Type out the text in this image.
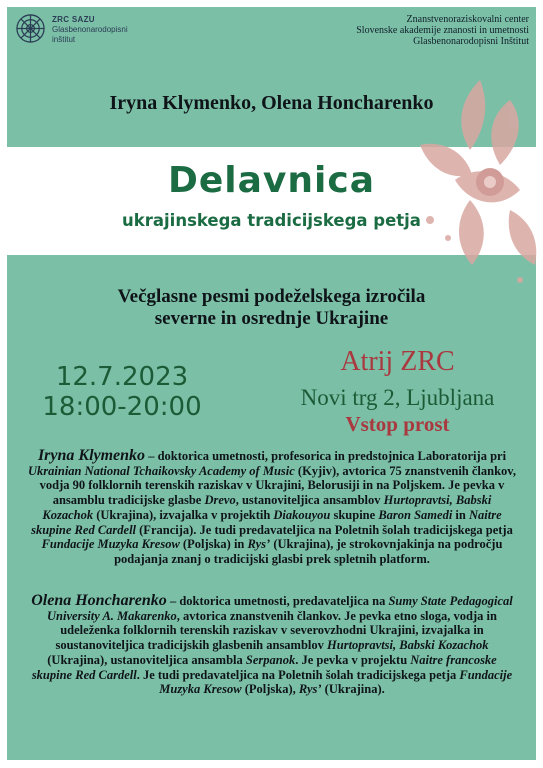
ZRC SAZU
Glasbenonarodopisni
inštitut
Znanstvenoraziskovalni center
Slovenske akademije znanosti in umetnosti
Glasbenonarodopisni Inštitut
Iryna Klymenko, Olena Honcharenko
Delavnica
ukrajinskega tradicijskega petja
Večglasne pesmi podeželskega izročila
severne in osrednje Ukrajine
12.7.2023
18:00-20:00
Atrij ZRC
Novi trg 2, Ljubljana
Vstop prost
Iryna Klymenko – doktorica umetnosti, profesorica in predstojnica Laboratorija pri Ukrainian National Tchaikovsky Academy of Music (Kyjiv), avtorica 75 znanstvenih člankov, vodja 90 folklornih terenskih raziskav v Ukrajini, Belorusiji in na Poljskem. Je pevka v ansamblu tradicijske glasbe Drevo, ustanoviteljica ansamblov Hurtopravtsi, Babski Kozachok (Ukrajina), izvajalka v projektih Diakouyou skupine Baron Samedi in Naitre skupine Red Cardell (Francija). Je tudi predavateljica na Poletnih šolah tradicijskega petja Fundacije Muzyka Kresow (Poljska) in Rys’ (Ukrajina), je strokovnjakinja na področju podajanja znanj o tradicijski glasbi prek spletnih platform.
Olena Honcharenko – doktorica umetnosti, predavateljica na Sumy State Pedagogical University A. Makarenko, avtorica znanstvenih člankov. Je pevka etno sloga, vodja in udeleženka folklornih terenskih raziskav v severovzhodni Ukrajini, izvajalka in soustanoviteljica tradicijskih glasbenih ansamblov Hurtopravtsi, Babski Kozachok (Ukrajina), ustanoviteljica ansambla Serpanok. Je pevka v projektu Naitre francoske skupine Red Cardell. Je tudi predavateljica na Poletnih šolah tradicijskega petja Fundacije Muzyka Kresow (Poljska), Rys’ (Ukrajina).
